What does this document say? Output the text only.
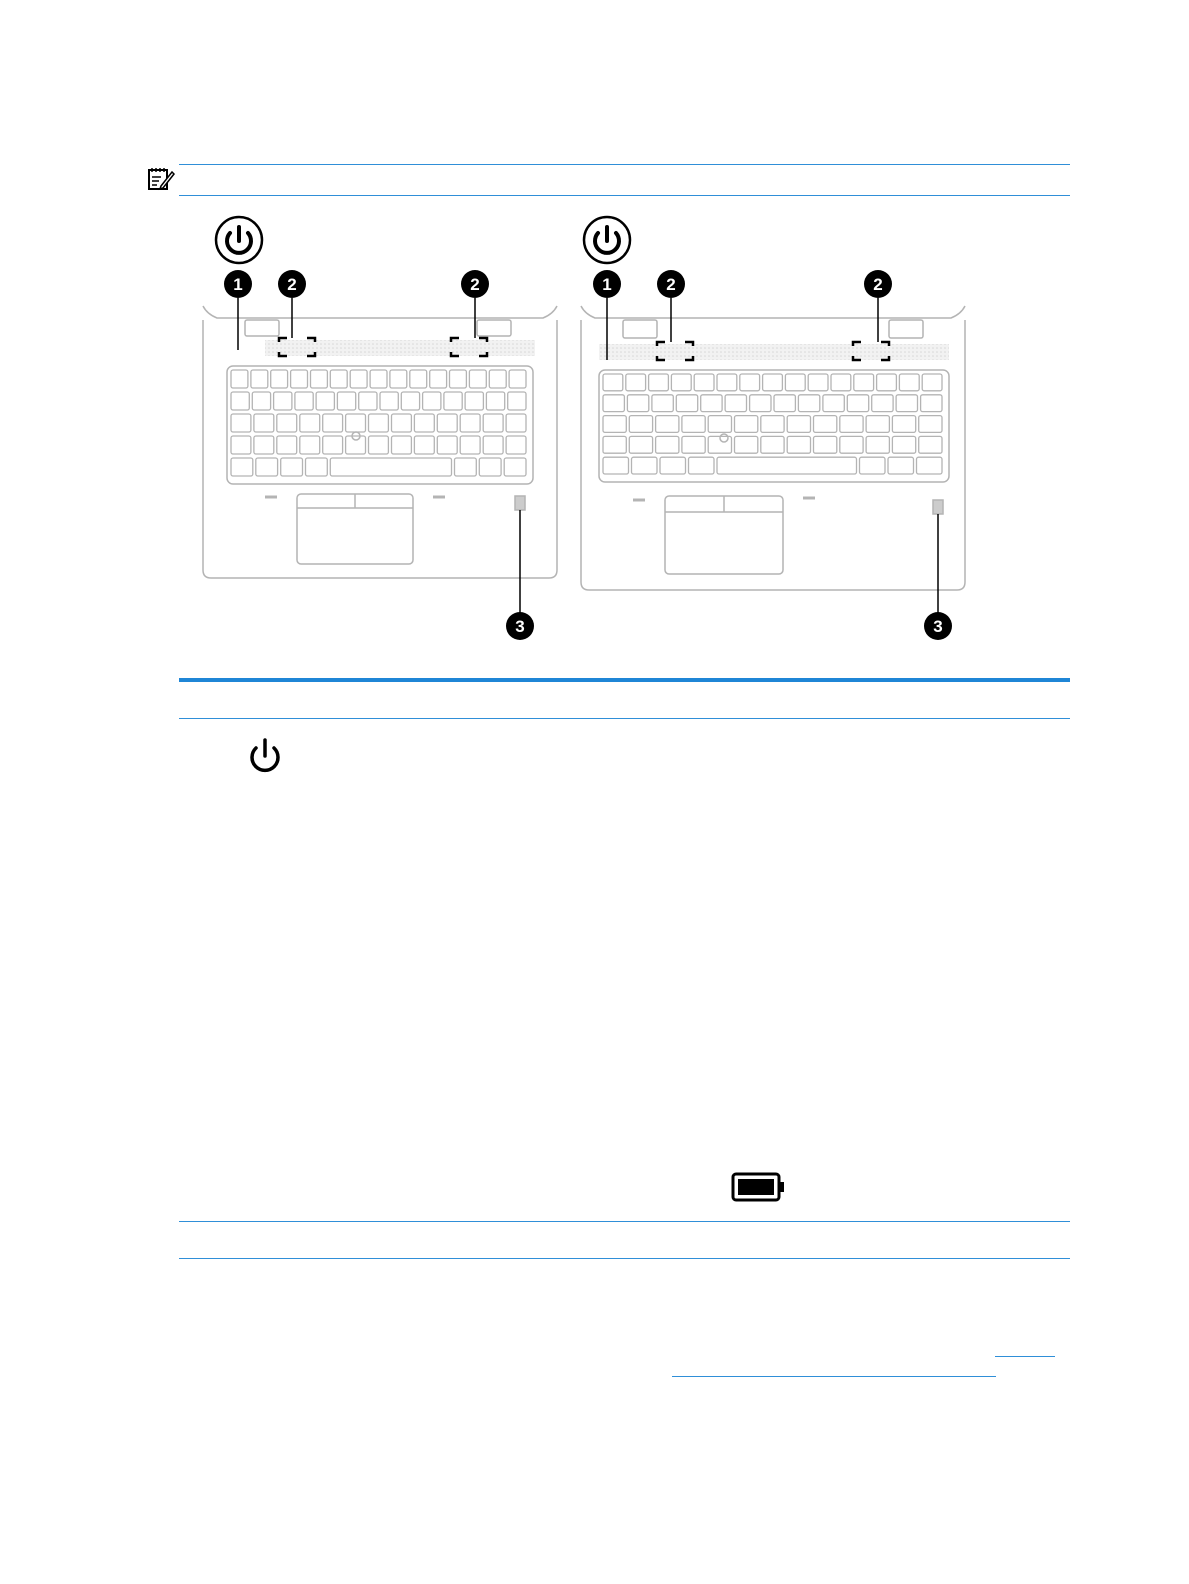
1	2	2	1	2	2
3	3
